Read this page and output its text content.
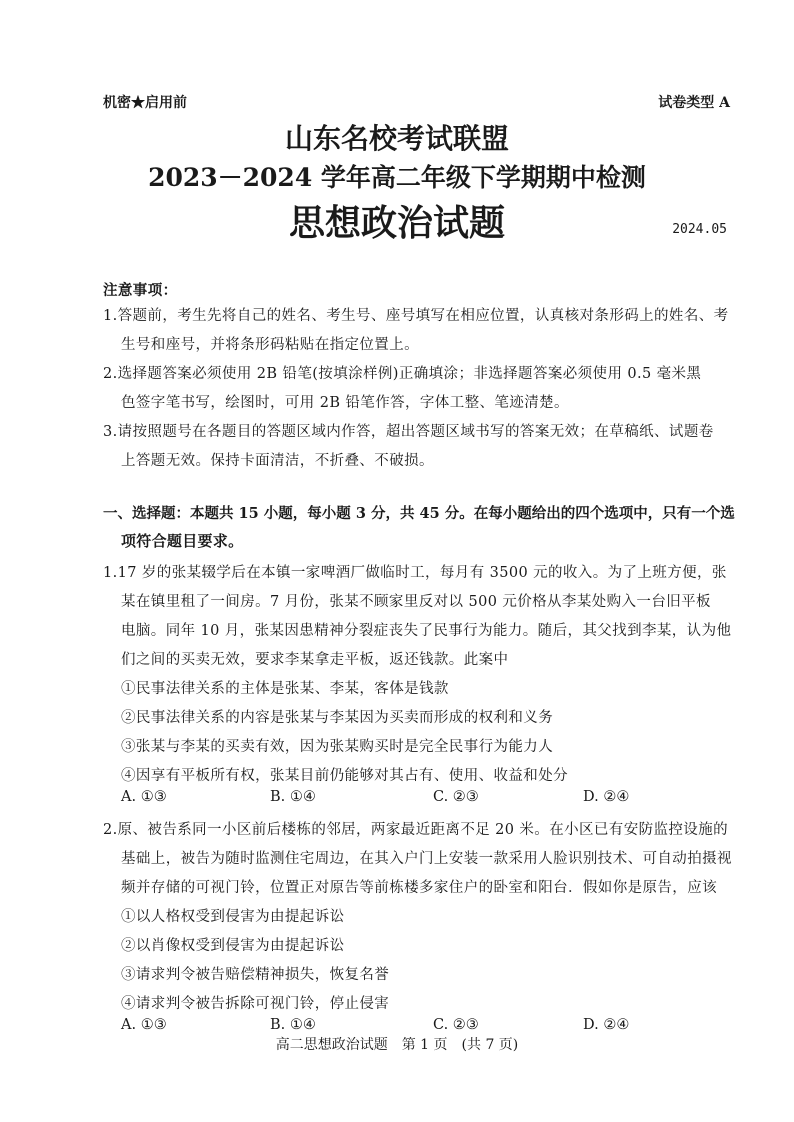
机密★启用前	试卷类型 A
山东名校考试联盟
2023－2024 学年高二年级下学期期中检测
思想政治试题	2024.05
注意事项：
1.答题前，考生先将自己的姓名、考生号、座号填写在相应位置，认真核对条形码上的姓名、考
生号和座号，并将条形码粘贴在指定位置上。
2.选择题答案必须使用 2B 铅笔(按填涂样例)正确填涂；非选择题答案必须使用 0.5 毫米黑
色签字笔书写，绘图时，可用 2B 铅笔作答，字体工整、笔迹清楚。
3.请按照题号在各题目的答题区域内作答，超出答题区域书写的答案无效；在草稿纸、试题卷
上答题无效。保持卡面清洁，不折叠、不破损。
一、选择题：本题共 15 小题，每小题 3 分，共 45 分。在每小题给出的四个选项中，只有一个选
项符合题目要求。
1.17 岁的张某辍学后在本镇一家啤酒厂做临时工，每月有 3500 元的收入。为了上班方便，张
某在镇里租了一间房。7 月份，张某不顾家里反对以 500 元价格从李某处购入一台旧平板
电脑。同年 10 月，张某因患精神分裂症丧失了民事行为能力。随后，其父找到李某，认为他
们之间的买卖无效，要求李某拿走平板，返还钱款。此案中
①民事法律关系的主体是张某、李某，客体是钱款
②民事法律关系的内容是张某与李某因为买卖而形成的权利和义务
③张某与李某的买卖有效，因为张某购买时是完全民事行为能力人
④因享有平板所有权，张某目前仍能够对其占有、使用、收益和处分
A. ①③	B. ①④	C. ②③	D. ②④
2.原、被告系同一小区前后楼栋的邻居，两家最近距离不足 20 米。在小区已有安防监控设施的
基础上，被告为随时监测住宅周边，在其入户门上安装一款采用人脸识别技术、可自动拍摄视
频并存储的可视门铃，位置正对原告等前栋楼多家住户的卧室和阳台．假如你是原告，应该
①以人格权受到侵害为由提起诉讼
②以肖像权受到侵害为由提起诉讼
③请求判令被告赔偿精神损失，恢复名誉
④请求判令被告拆除可视门铃，停止侵害
A. ①③	B. ①④	C. ②③	D. ②④
高二思想政治试题　第 1 页　(共 7 页)
